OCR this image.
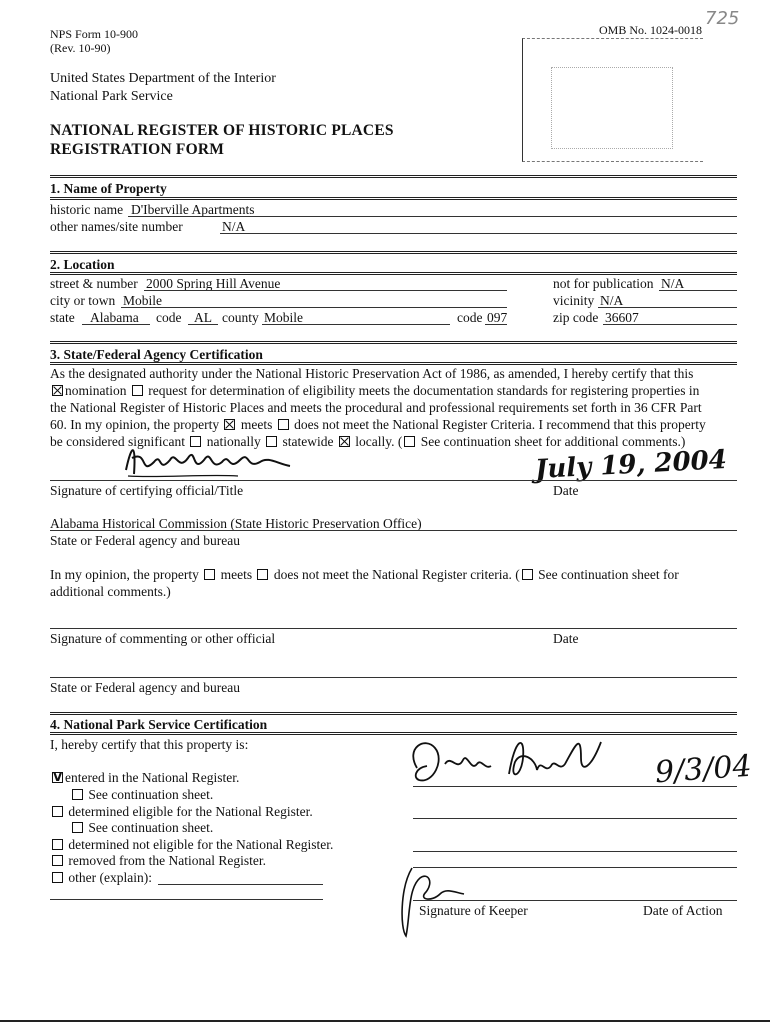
NPS Form 10-900
(Rev. 10-90)
OMB No. 1024-0018
725
United States Department of the Interior
National Park Service
NATIONAL REGISTER OF HISTORIC PLACES
REGISTRATION FORM
1. Name of Property
historic name D'Iberville Apartments
other names/site number	N/A
2. Location
street & number 2000 Spring Hill Avenue	not for publication N/A
city or town Mobile	vicinity N/A
state Alabama code AL county Mobile	code 097	zip code 36607
3. State/Federal Agency Certification
As the designated authority under the National Historic Preservation Act of 1986, as amended, I hereby certify that this
nomination request for determination of eligibility meets the documentation standards for registering properties in
the National Register of Historic Places and meets the procedural and professional requirements set forth in 36 CFR Part
60. In my opinion, the property meets does not meet the National Register Criteria. I recommend that this property
be considered significant nationally statewide locally. ( See continuation sheet for additional comments.)
July 19, 2004
Signature of certifying official/Title	Date
Alabama Historical Commission (State Historic Preservation Office)
State or Federal agency and bureau
In my opinion, the property meets does not meet the National Register criteria. ( See continuation sheet for
additional comments.)
Signature of commenting or other official	Date
State or Federal agency and bureau
4. National Park Service Certification
I, hereby certify that this property is:
Ventered in the National Register.
See continuation sheet.
determined eligible for the National Register.
See continuation sheet.
determined not eligible for the National Register.
removed from the National Register.
other (explain):
9/3/04
Signature of Keeper	Date of Action
